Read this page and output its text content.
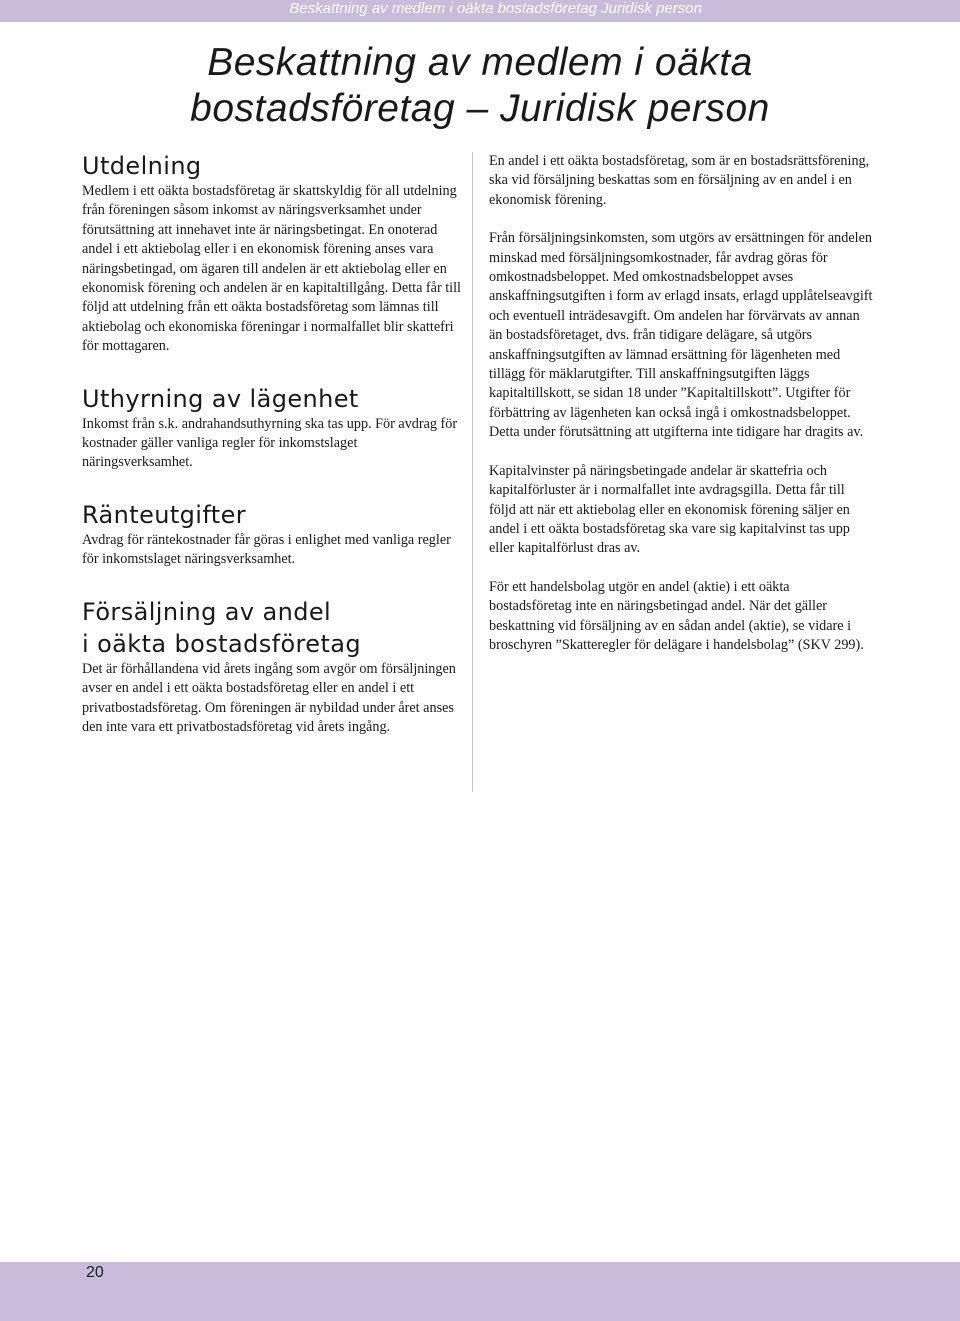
Beskattning av medlem i oäkta bostadsföretag Juridisk person
Beskattning av medlem i oäkta
bostadsföretag – Juridisk person
Utdelning

Medlem i ett oäkta bostadsföretag är skattskyldig för all utdelning från föreningen såsom inkomst av näringsverksamhet under förutsättning att innehavet inte är näringsbetingat. En onoterad andel i ett aktiebolag eller i en ekonomisk förening anses vara näringsbetingad, om ägaren till andelen är ett aktiebolag eller en ekonomisk förening och andelen är en kapitaltillgång. Detta får till följd att utdelning från ett oäkta bostadsföretag som lämnas till aktiebolag och ekonomiska föreningar i normalfallet blir skattefri för mottagaren.

Uthyrning av lägenhet

Inkomst från s.k. andrahandsuthyrning ska tas upp. För avdrag för kostnader gäller vanliga regler för inkomstslaget näringsverksamhet.

Ränteutgifter

Avdrag för räntekostnader får göras i enlighet med vanliga regler för inkomstslaget näringsverksamhet.

Försäljning av andel
i oäkta bostadsföretag

Det är förhållandena vid årets ingång som avgör om försäljningen avser en andel i ett oäkta bostadsföretag eller en andel i ett privatbostadsföretag. Om föreningen är nybildad under året anses den inte vara ett privatbostadsföretag vid årets ingång.

En andel i ett oäkta bostadsföretag, som är en bostadsrättsförening, ska vid försäljning beskattas som en försäljning av en andel i en ekonomisk förening.

Från försäljningsinkomsten, som utgörs av ersättningen för andelen minskad med försäljningsomkostnader, får avdrag göras för omkostnadsbeloppet. Med omkostnadsbeloppet avses anskaffningsutgiften i form av erlagd insats, erlagd upplåtelseavgift och eventuell inträdesavgift. Om andelen har förvärvats av annan än bostadsföretaget, dvs. från tidigare delägare, så utgörs anskaffningsutgiften av lämnad ersättning för lägenheten med tillägg för mäklarutgifter. Till anskaffningsutgiften läggs kapitaltillskott, se sidan 18 under ”Kapitaltillskott”. Utgifter för förbättring av lägenheten kan också ingå i omkostnadsbeloppet. Detta under förutsättning att utgifterna inte tidigare har dragits av.

Kapitalvinster på näringsbetingade andelar är skattefria och kapitalförluster är i normalfallet inte avdragsgilla. Detta får till följd att när ett aktiebolag eller en ekonomisk förening säljer en andel i ett oäkta bostadsföretag ska vare sig kapitalvinst tas upp eller kapitalförlust dras av.

För ett handelsbolag utgör en andel (aktie) i ett oäkta bostadsföretag inte en näringsbetingad andel. När det gäller beskattning vid försäljning av en sådan andel (aktie), se vidare i broschyren ”Skatteregler för delägare i handelsbolag” (SKV 299).

20
